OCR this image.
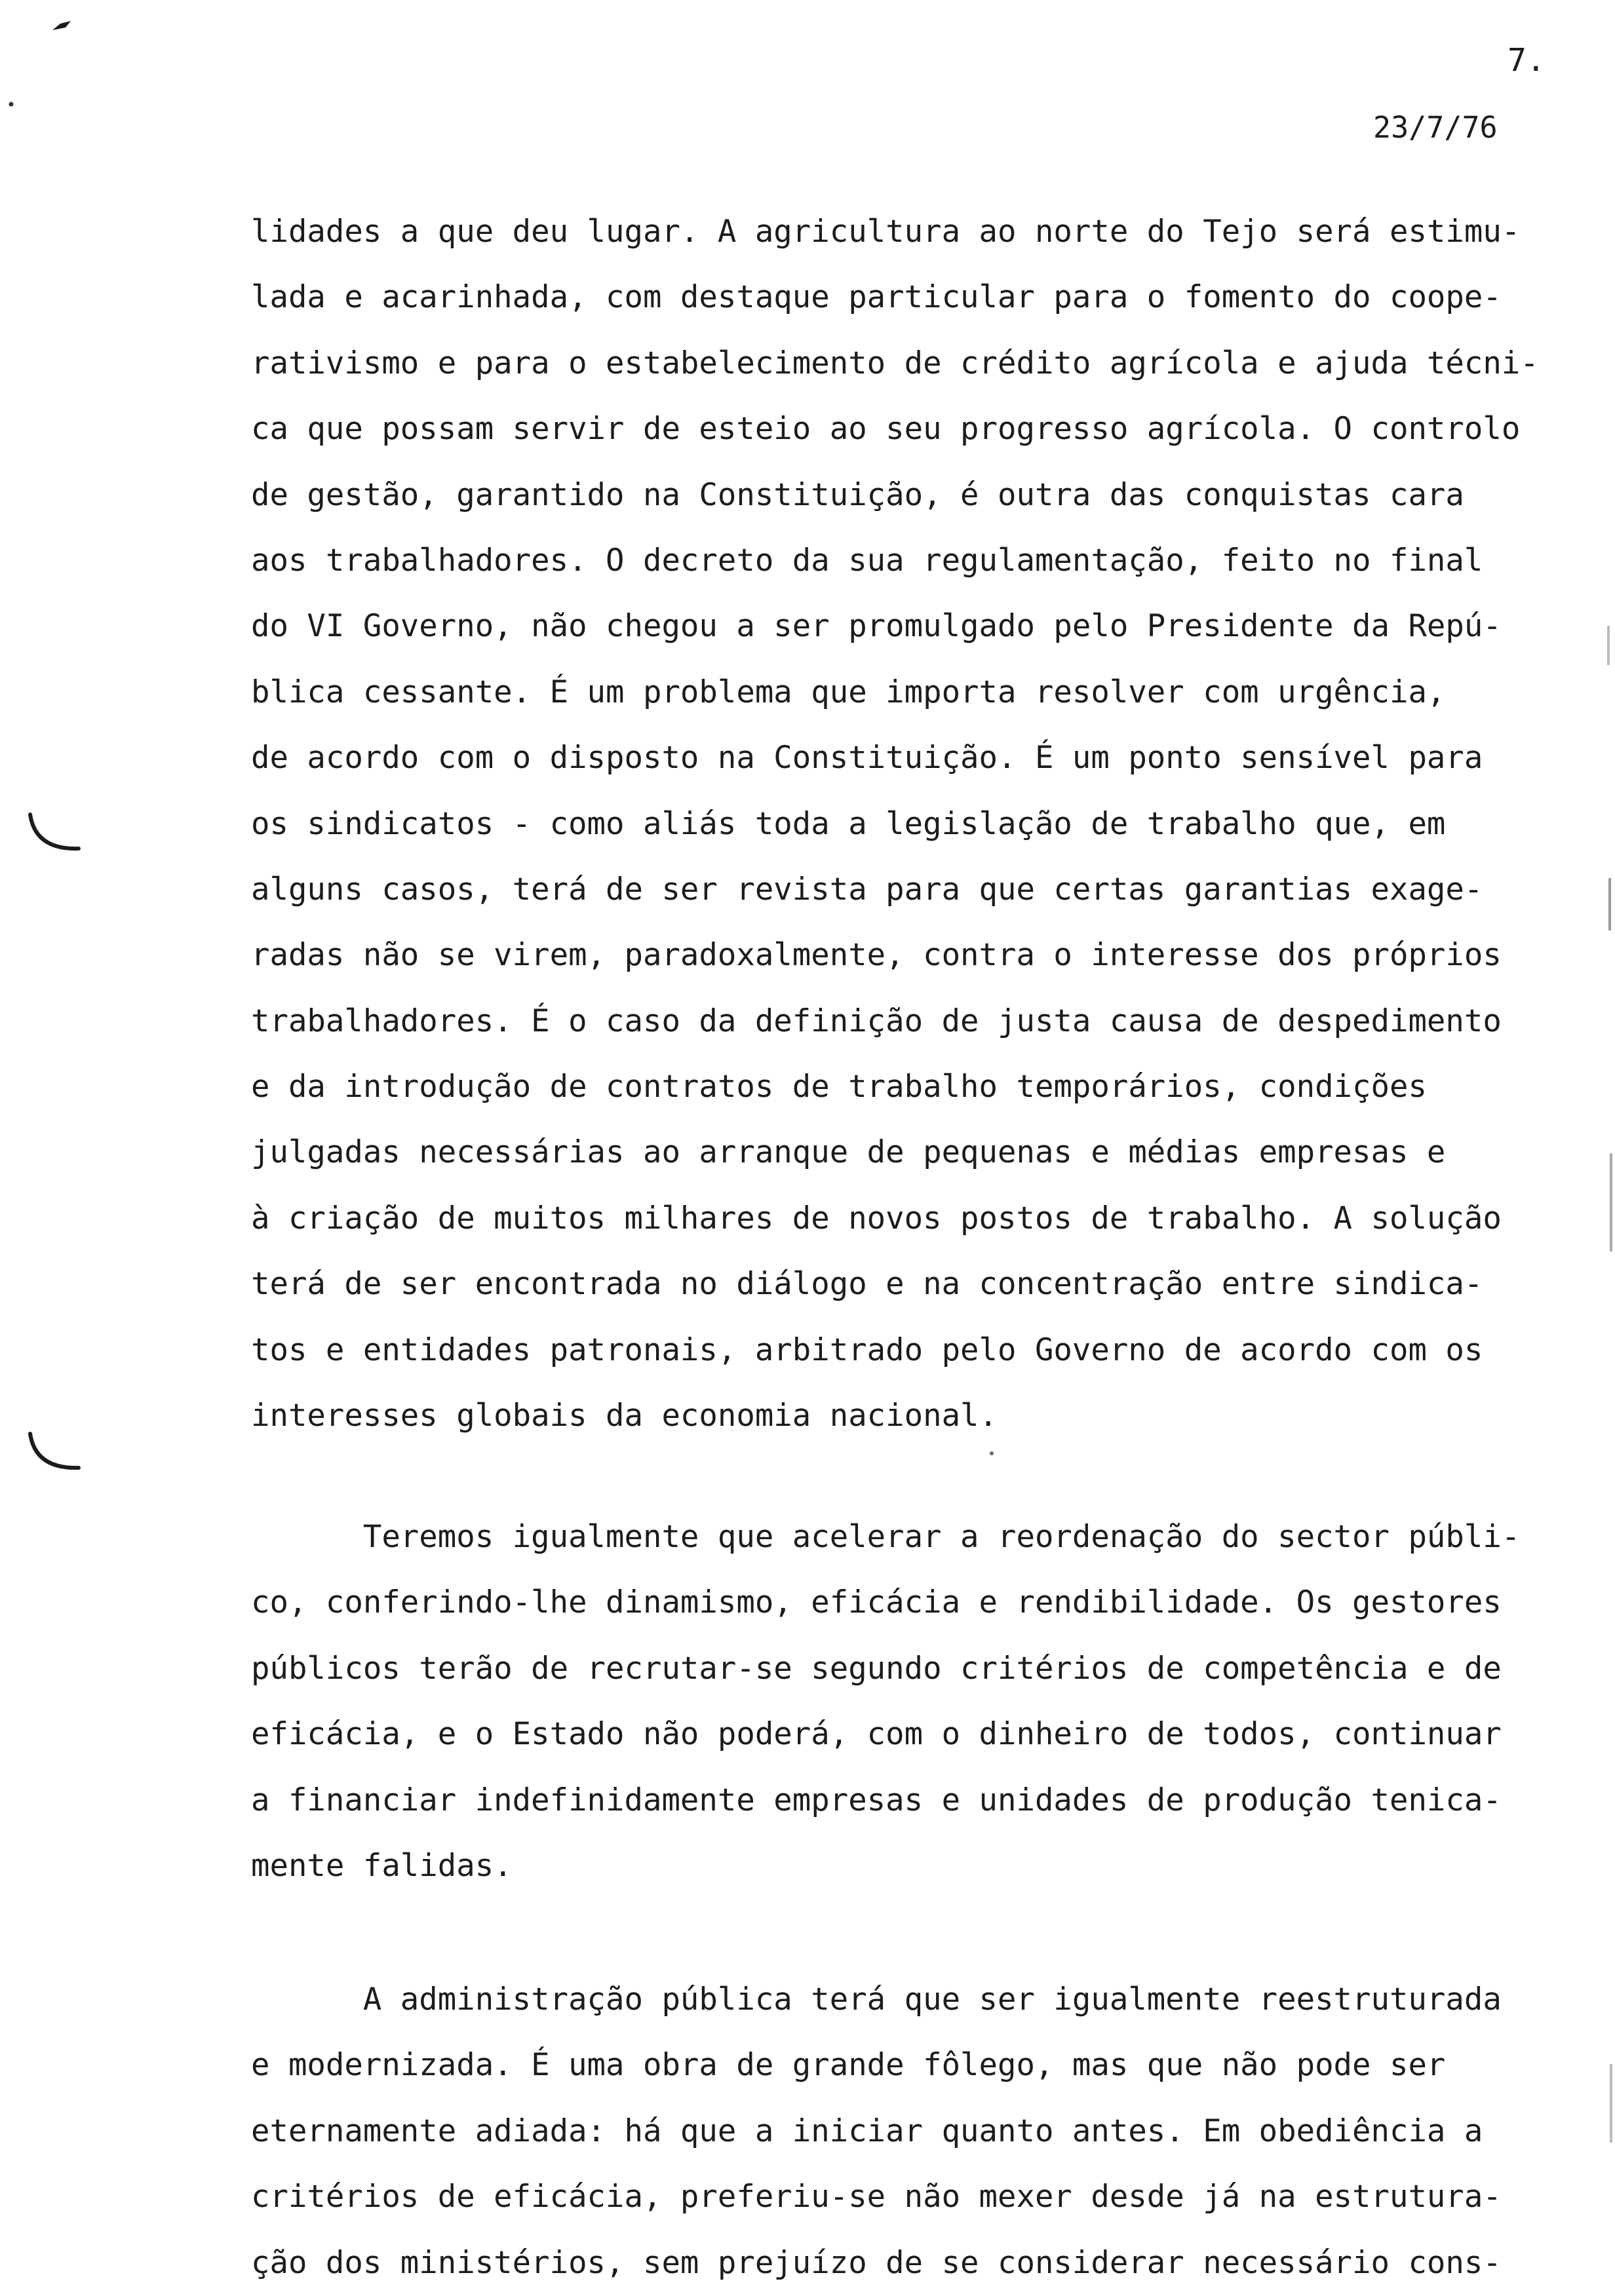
7.
23/7/76
lidades a que deu lugar. A agricultura ao norte do Tejo será estimu-
lada e acarinhada, com destaque particular para o fomento do coope-
rativismo e para o estabelecimento de crédito agrícola e ajuda técni-
ca que possam servir de esteio ao seu progresso agrícola. O controlo
de gestão, garantido na Constituição, é outra das conquistas cara
aos trabalhadores. O decreto da sua regulamentação, feito no final
do VI Governo, não chegou a ser promulgado pelo Presidente da Repú-
blica cessante. É um problema que importa resolver com urgência,
de acordo com o disposto na Constituição. É um ponto sensível para
os sindicatos - como aliás toda a legislação de trabalho que, em
alguns casos, terá de ser revista para que certas garantias exage-
radas não se virem, paradoxalmente, contra o interesse dos próprios
trabalhadores. É o caso da definição de justa causa de despedimento
e da introdução de contratos de trabalho temporários, condições
julgadas necessárias ao arranque de pequenas e médias empresas e
à criação de muitos milhares de novos postos de trabalho. A solução
terá de ser encontrada no diálogo e na concentração entre sindica-
tos e entidades patronais, arbitrado pelo Governo de acordo com os
interesses globais da economia nacional.
Teremos igualmente que acelerar a reordenação do sector públi-
co, conferindo-lhe dinamismo, eficácia e rendibilidade. Os gestores
públicos terão de recrutar-se segundo critérios de competência e de
eficácia, e o Estado não poderá, com o dinheiro de todos, continuar
a financiar indefinidamente empresas e unidades de produção tenica-
mente falidas.
A administração pública terá que ser igualmente reestruturada
e modernizada. É uma obra de grande fôlego, mas que não pode ser
eternamente adiada: há que a iniciar quanto antes. Em obediência a
critérios de eficácia, preferiu-se não mexer desde já na estrutura-
ção dos ministérios, sem prejuízo de se considerar necessário cons-
